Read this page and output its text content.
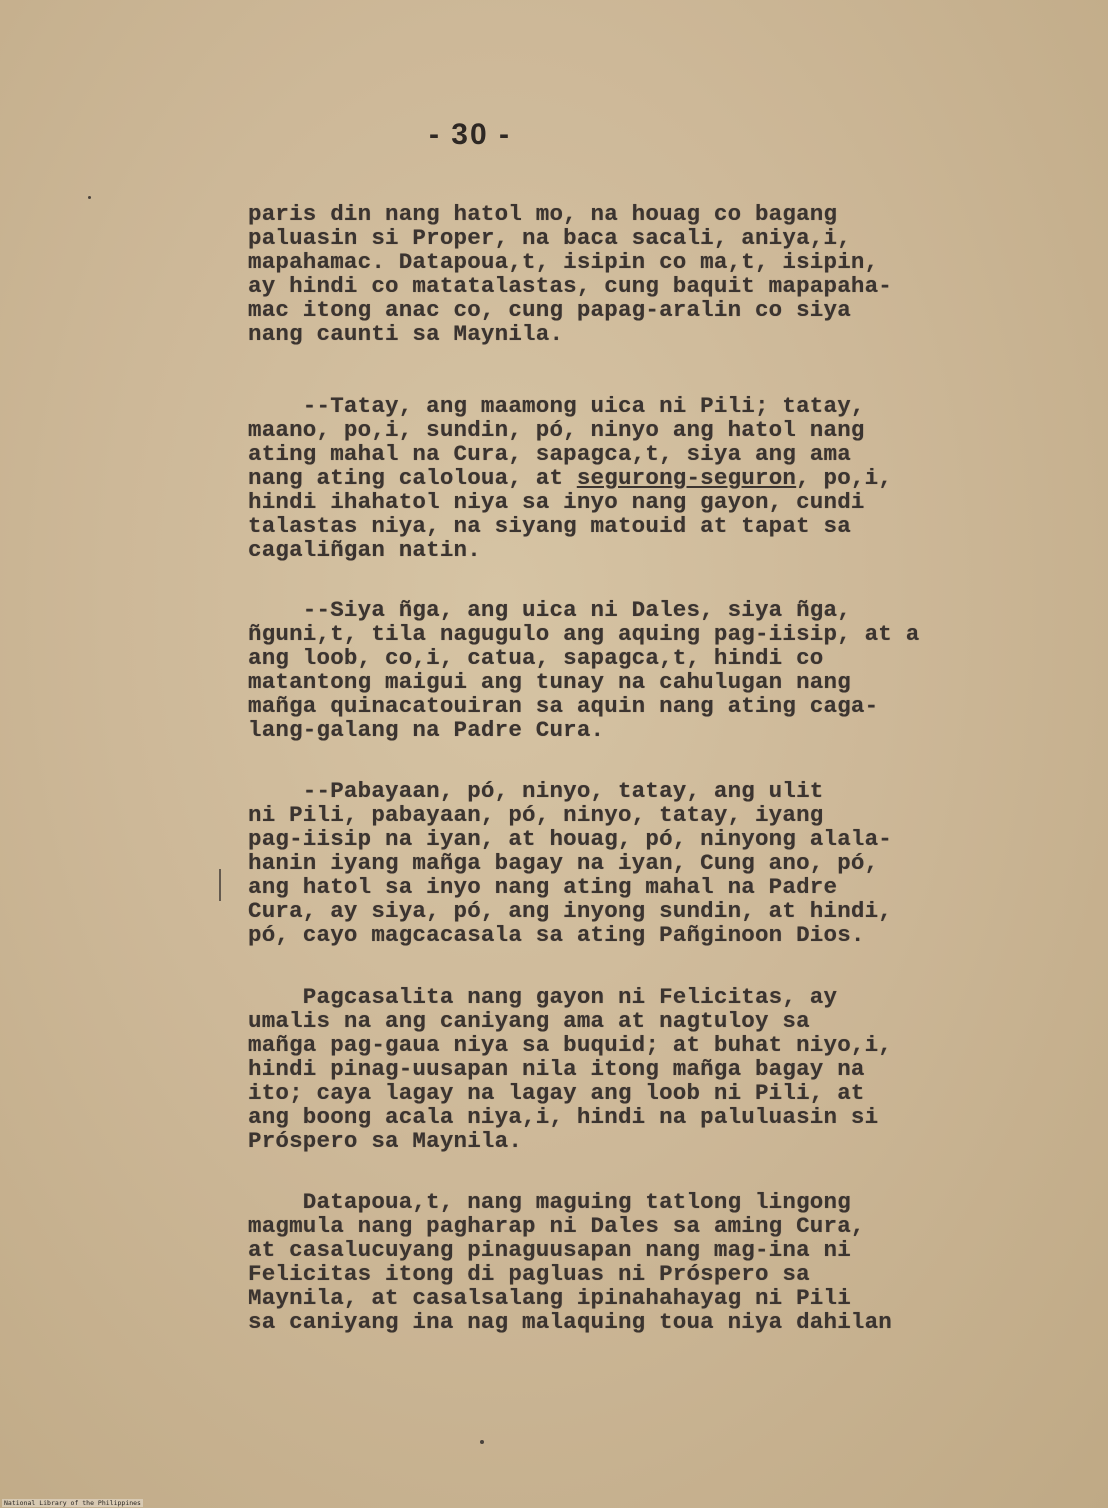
- 30 -

paris din nang hatol mo, na houag co bagang
paluasin si Proper, na baca sacali, aniya,i,
mapahamac. Datapoua,t, isipin co ma,t, isipin,
ay hindi co matatalastas, cung baquit mapapaha-
mac itong anac co, cung papag-aralin co siya
nang caunti sa Maynila.

--Tatay, ang maamong uica ni Pili; tatay,
maano, po,i, sundin, pó, ninyo ang hatol nang
ating mahal na Cura, sapagca,t, siya ang ama
nang ating caloloua, at segurong-seguron, po,i,
hindi ihahatol niya sa inyo nang gayon, cundi
talastas niya, na siyang matouid at tapat sa
cagaliñgan natin.

--Siya ñga, ang uica ni Dales, siya ñga,
ñguni,t, tila nagugulo ang aquing pag-iisip, at a
ang loob, co,i, catua, sapagca,t, hindi co
matantong maigui ang tunay na cahulugan nang
mañga quinacatouiran sa aquin nang ating caga-
lang-galang na Padre Cura.

--Pabayaan, pó, ninyo, tatay, ang ulit
ni Pili, pabayaan, pó, ninyo, tatay, iyang
pag-iisip na iyan, at houag, pó, ninyong alala-
hanin iyang mañga bagay na iyan, Cung ano, pó,
ang hatol sa inyo nang ating mahal na Padre
Cura, ay siya, pó, ang inyong sundin, at hindi,
pó, cayo magcacasala sa ating Pañginoon Dios.

Pagcasalita nang gayon ni Felicitas, ay
umalis na ang caniyang ama at nagtuloy sa
mañga pag-gaua niya sa buquid; at buhat niyo,i,
hindi pinag-uusapan nila itong mañga bagay na
ito; caya lagay na lagay ang loob ni Pili, at
ang boong acala niya,i, hindi na paluluasin si
Próspero sa Maynila.

Datapoua,t, nang maguing tatlong lingong
magmula nang pagharap ni Dales sa aming Cura,
at casalucuyang pinaguusapan nang mag-ina ni
Felicitas itong di pagluas ni Próspero sa
Maynila, at casalsalang ipinahahayag ni Pili
sa caniyang ina nag malaquing toua niya dahilan

National Library of the Philippines
